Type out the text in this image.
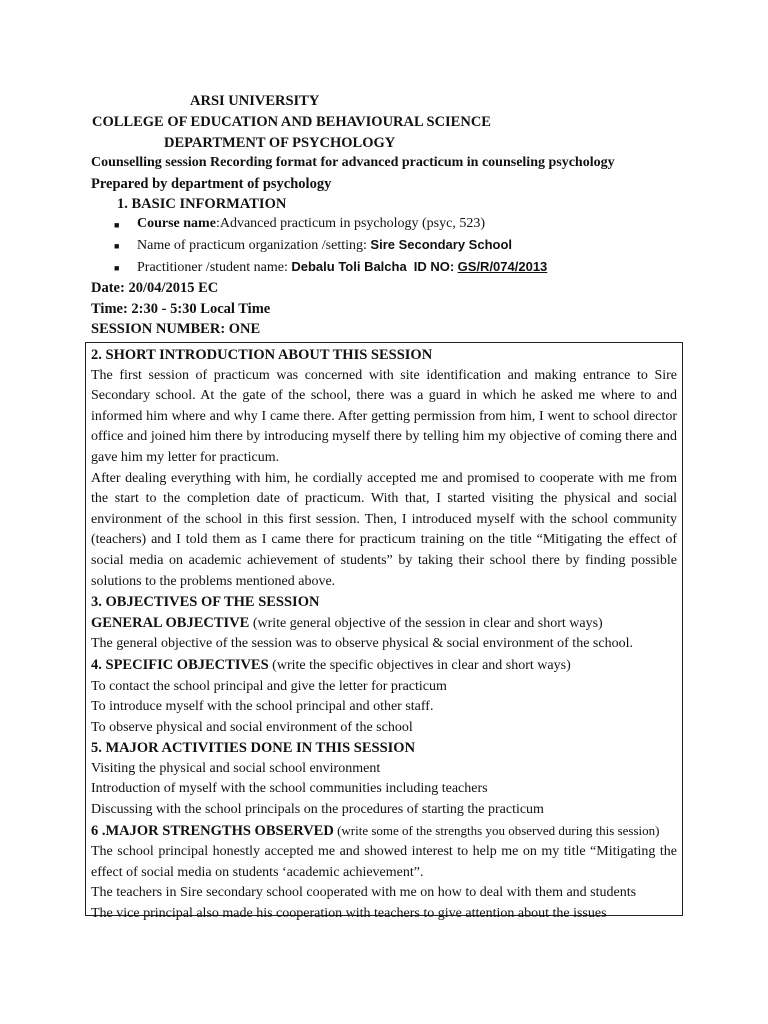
ARSI UNIVERSITY
COLLEGE OF EDUCATION AND BEHAVIOURAL SCIENCE
DEPARTMENT OF PSYCHOLOGY
Counselling session Recording format for advanced practicum in counseling psychology
Prepared by department of psychology
1. BASIC INFORMATION
■ Course name:Advanced practicum in psychology (psyc, 523)
■ Name of practicum organization /setting: Sire Secondary School
■ Practitioner /student name: Debalu Toli Balcha ID NO: GS/R/074/2013
Date: 20/04/2015 EC
Time: 2:30 - 5:30 Local Time
SESSION NUMBER: ONE
2. SHORT INTRODUCTION ABOUT THIS SESSION

The first session of practicum was concerned with site identification and making entrance to Sire Secondary school. At the gate of the school, there was a guard in which he asked me where to and informed him where and why I came there. After getting permission from him, I went to school director office and joined him there by introducing myself there by telling him my objective of coming there and gave him my letter for practicum.

After dealing everything with him, he cordially accepted me and promised to cooperate with me from the start to the completion date of practicum. With that, I started visiting the physical and social environment of the school in this first session. Then, I introduced myself with the school community (teachers) and I told them as I came there for practicum training on the title “Mitigating the effect of social media on academic achievement of students” by taking their school there by finding possible solutions to the problems mentioned above.

3. OBJECTIVES OF THE SESSION
GENERAL OBJECTIVE (write general objective of the session in clear and short ways)
The general objective of the session was to observe physical & social environment of the school.
4. SPECIFIC OBJECTIVES (write the specific objectives in clear and short ways)
To contact the school principal and give the letter for practicum
To introduce myself with the school principal and other staff.
To observe physical and social environment of the school
5. MAJOR ACTIVITIES DONE IN THIS SESSION
Visiting the physical and social school environment
Introduction of myself with the school communities including teachers
Discussing with the school principals on the procedures of starting the practicum
6 .MAJOR STRENGTHS OBSERVED (write some of the strengths you observed during this session)

The school principal honestly accepted me and showed interest to help me on my title “Mitigating the effect of social media on students ‘academic achievement”.

The teachers in Sire secondary school cooperated with me on how to deal with them and students
The vice principal also made his cooperation with teachers to give attention about the issues
